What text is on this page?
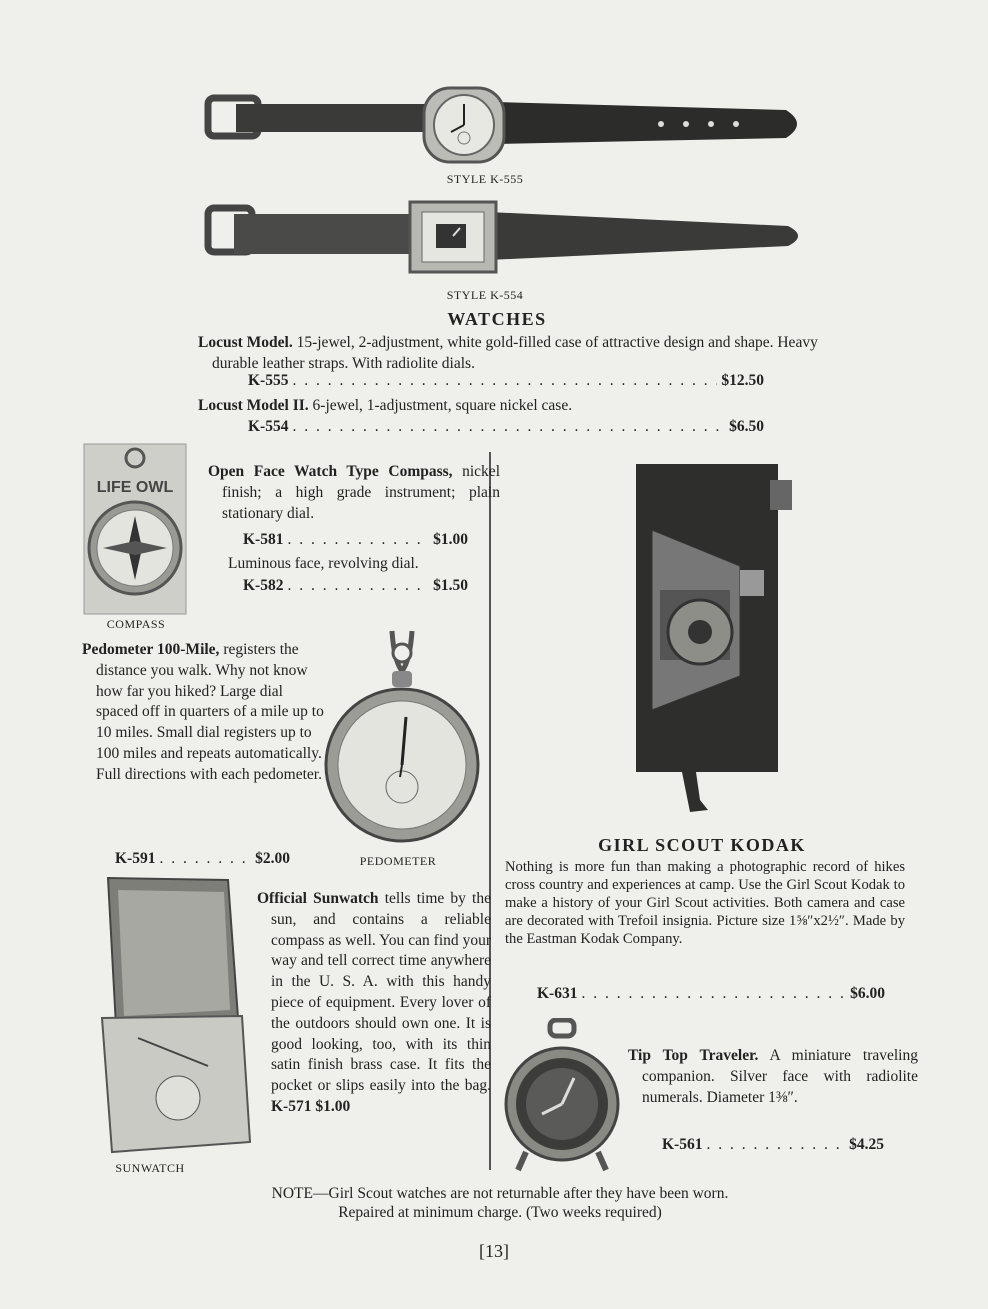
STYLE K-555
STYLE K-554
WATCHES
Locust Model. 15-jewel, 2-adjustment, white gold-filled case of attractive design and shape. Heavy durable leather straps. With radiolite dials.
K-555 . . .	$12.50
Locust Model II. 6-jewel, 1-adjustment, square nickel case.
K-554 . . .	$6.50
LIFE OWL
COMPASS
Open Face Watch Type Compass, nickel finish; a high grade instrument; plain stationary dial.
K-581 . . .	$1.00
Luminous face, revolving dial.
K-582 . . .	$1.50
Pedometer 100-Mile, registers the distance you walk. Why not know how far you hiked? Large dial spaced off in quarters of a mile up to 10 miles. Small dial registers up to 100 miles and repeats automatically. Full directions with each pedometer.
K-591 . . .	$2.00	PEDOMETER
SUNWATCH
Official Sunwatch tells time by the sun, and contains a reliable compass as well. You can find your way and tell correct time anywhere in the U. S. A. with this handy piece of equipment. Every lover of the outdoors should own one. It is good looking, too, with its thin satin finish brass case. It fits the pocket or slips easily into the bag. K-571 $1.00
GIRL SCOUT KODAK
Nothing is more fun than making a photographic record of hikes cross country and experiences at camp. Use the Girl Scout Kodak to make a history of your Girl Scout activities. Both camera and case are decorated with Trefoil insignia. Picture size 1⅝″x2½″. Made by the Eastman Kodak Company.
K-631 . . .	$6.00
Tip Top Traveler. A miniature traveling companion. Silver face with radiolite numerals. Diameter 1⅜″.
K-561 . . .	$4.25
NOTE—Girl Scout watches are not returnable after they have been worn.
Repaired at minimum charge. (Two weeks required)
[13]
